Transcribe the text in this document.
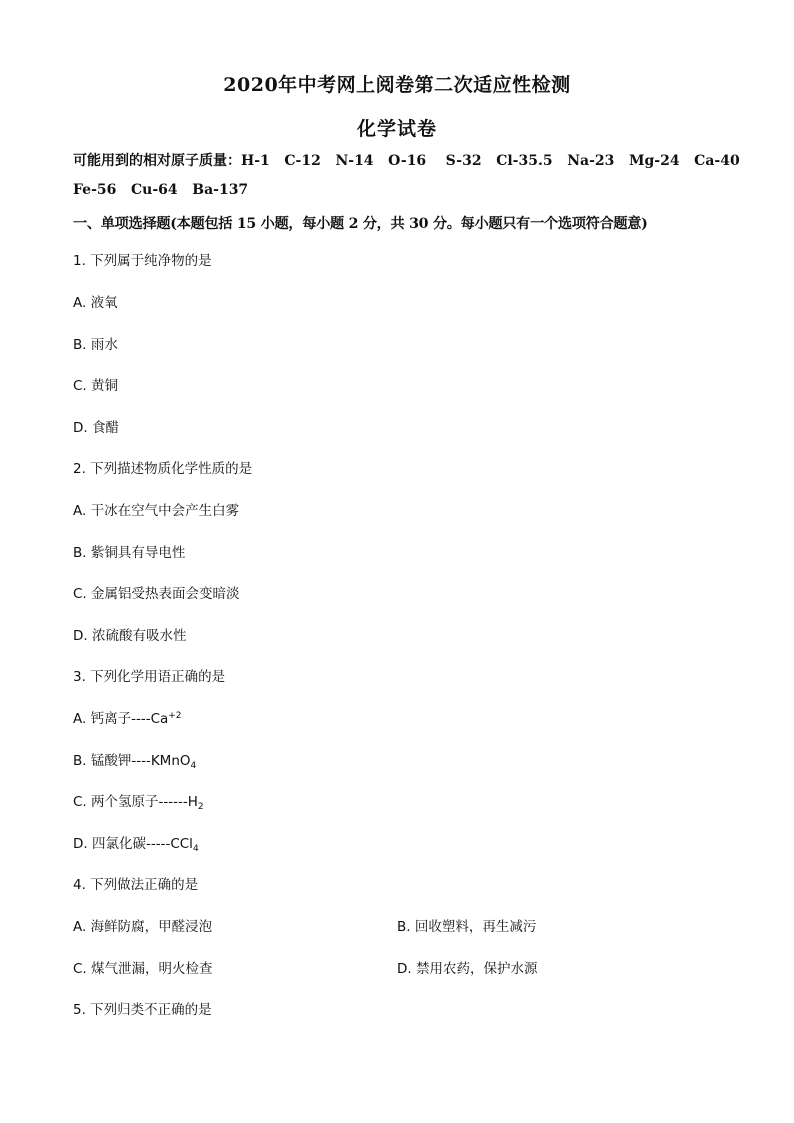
2020年中考网上阅卷第二次适应性检测
化学试卷
可能用到的相对原子质量：H-1   C-12   N-14   O-16    S-32   Cl-35.5   Na-23   Mg-24   Ca-40
Fe-56   Cu-64   Ba-137
一、单项选择题(本题包括 15 小题，每小题 2 分，共 30 分。每小题只有一个选项符合题意)
1. 下列属于纯净物的是
A. 液氧
B. 雨水
C. 黄铜
D. 食醋
2. 下列描述物质化学性质的是
A. 干冰在空气中会产生白雾
B. 紫铜具有导电性
C. 金属铝受热表面会变暗淡
D. 浓硫酸有吸水性
3. 下列化学用语正确的是
A. 钙离子$----Ca^{+2}$
B. 锰酸钾----KMnO$_4$
C. 两个氢原子$------H_2$
D. 四氯化碳-----CCl$_4$
4. 下列做法正确的是
A. 海鲜防腐，甲醛浸泡	B. 回收塑料，再生减污
C. 煤气泄漏，明火检查	D. 禁用农药，保护水源
5. 下列归类不正确的是
